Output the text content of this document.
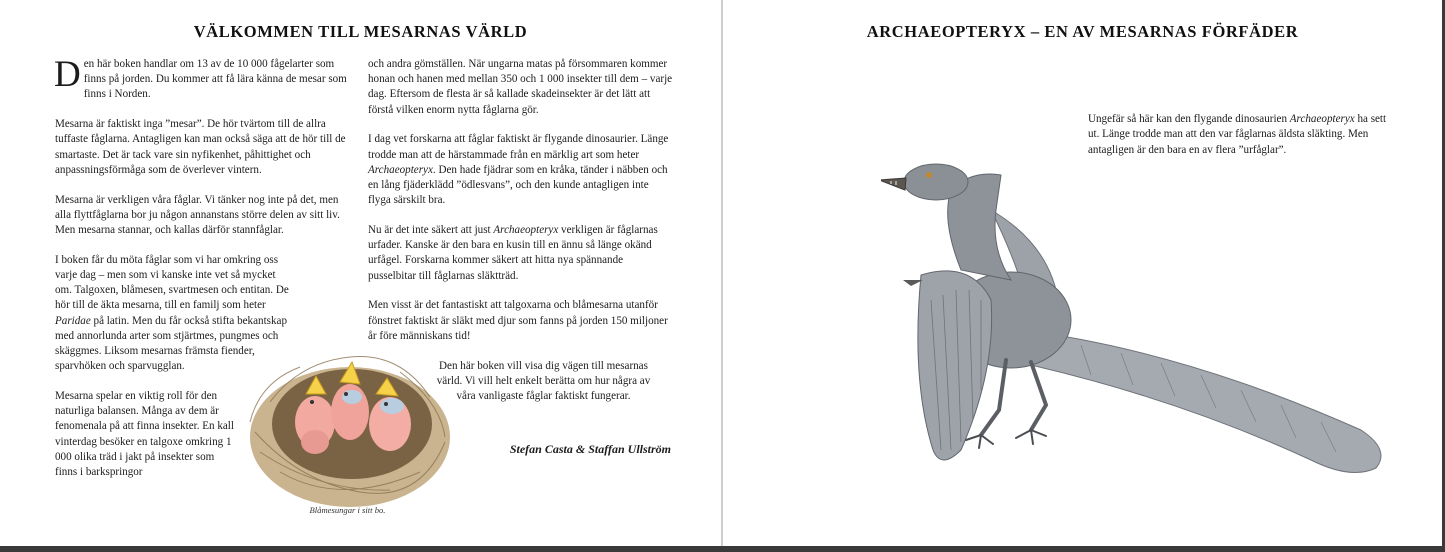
VÄLKOMMEN TILL MESARNAS VÄRLD

Den här boken handlar om 13 av de 10 000 fågelarter som finns på jorden. Du kommer att få lära känna de mesar som finns i Norden.

Mesarna är faktiskt inga ”mesar”. De hör tvärtom till de allra tuffaste fåglarna. Antagligen kan man också säga att de hör till de smartaste. Det är tack vare sin nyfikenhet, påhittighet och anpassningsförmåga som de överlever vintern.

Mesarna är verkligen våra fåglar. Vi tänker nog inte på det, men alla flyttfåglarna bor ju någon annanstans större delen av sitt liv. Men mesarna stannar, och kallas därför stannfåglar.

I boken får du möta fåglar som vi har omkring oss varje dag – men som vi kanske inte vet så mycket om. Talgoxen, blåmesen, svartmesen och entitan. De hör till de äkta mesarna, till en familj som heter Paridae på latin. Men du får också stifta bekantskap med annorlunda arter som stjärtmes, pungmes och skäggmes. Liksom mesarnas främsta fiender, sparvhöken och sparvugglan.

Mesarna spelar en viktig roll för den naturliga balansen. Många av dem är fenomenala på att finna insekter. En kall vinterdag besöker en talgoxe omkring 1 000 olika träd i jakt på insekter som finns i barkspringor

och andra gömställen. När ungarna matas på försommaren kommer honan och hanen med mellan 350 och 1 000 insekter till dem – varje dag. Eftersom de flesta är så kallade skadeinsekter är det lätt att förstå vilken enorm nytta fåglarna gör.

I dag vet forskarna att fåglar faktiskt är flygande dinosaurier. Länge trodde man att de härstammade från en märklig art som heter Archaeopteryx. Den hade fjädrar som en kråka, tänder i näbben och en lång fjäderklädd ”ödlesvans”, och den kunde antagligen inte flyga särskilt bra.

Nu är det inte säkert att just Archaeopteryx verkligen är fåglarnas urfader. Kanske är den bara en kusin till en ännu så länge okänd urfågel. Forskarna kommer säkert att hitta nya spännande pusselbitar till fåglarnas släktträd.

Men visst är det fantastiskt att talgoxarna och blåmesarna utanför fönstret faktiskt är släkt med djur som fanns på jorden 150 miljoner år före människans tid!

Den här boken vill visa dig vägen till mesarnas värld. Vi vill helt enkelt berätta om hur några av våra vanligaste fåglar faktiskt fungerar.

Stefan Casta & Staffan Ullström
Blåmesungar i sitt bo.
ARCHAEOPTERYX – EN AV MESARNAS FÖRFÄDER

Ungefär så här kan den flygande dinosaurien Archaeopteryx ha sett ut. Länge trodde man att den var fåglarnas äldsta släkting. Men antagligen är den bara en av flera ”urfåglar”.
